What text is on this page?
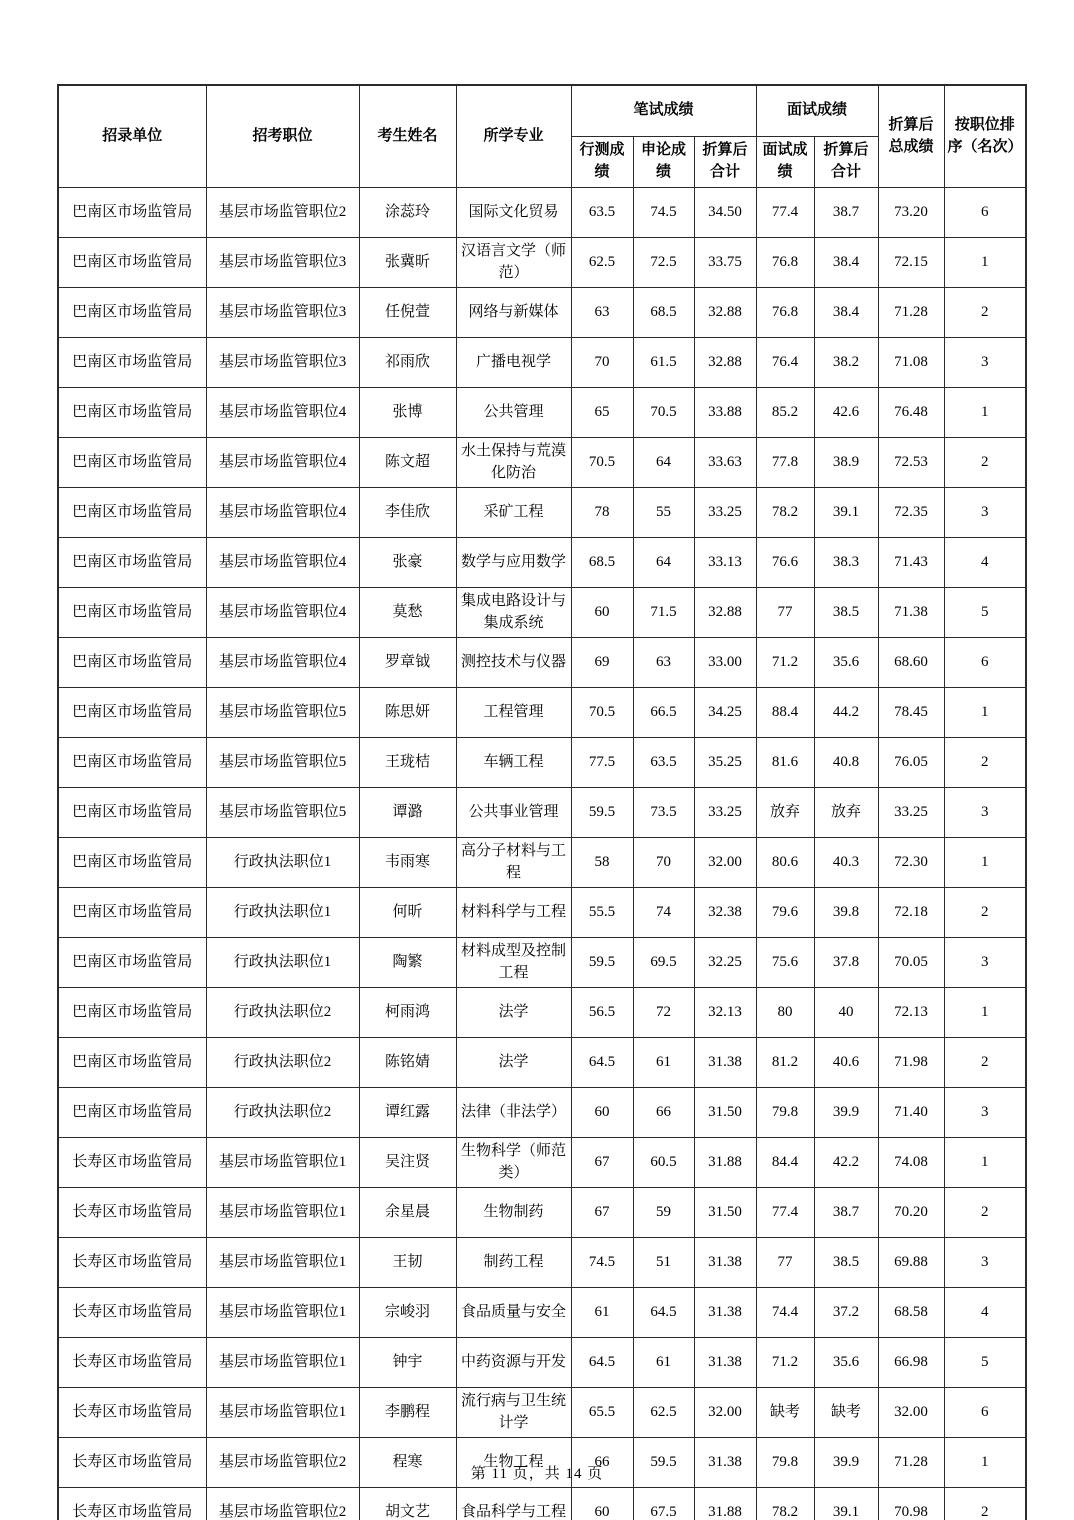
招录单位	招考职位	考生姓名	所学专业	笔试成绩			面试成绩		折算后总成绩	按职位排序（名次）
				行测成绩	申论成绩	折算后合计	面试成绩	折算后合计		
巴南区市场监管局	基层市场监管职位2	涂蕊玲	国际文化贸易	63.5	74.5	34.50	77.4	38.7	73.20	6
巴南区市场监管局	基层市场监管职位3	张冀昕	汉语言文学（师范）	62.5	72.5	33.75	76.8	38.4	72.15	1
巴南区市场监管局	基层市场监管职位3	任倪萱	网络与新媒体	63	68.5	32.88	76.8	38.4	71.28	2
巴南区市场监管局	基层市场监管职位3	祁雨欣	广播电视学	70	61.5	32.88	76.4	38.2	71.08	3
巴南区市场监管局	基层市场监管职位4	张博	公共管理	65	70.5	33.88	85.2	42.6	76.48	1
巴南区市场监管局	基层市场监管职位4	陈文超	水土保持与荒漠化防治	70.5	64	33.63	77.8	38.9	72.53	2
巴南区市场监管局	基层市场监管职位4	李佳欣	采矿工程	78	55	33.25	78.2	39.1	72.35	3
巴南区市场监管局	基层市场监管职位4	张豪	数学与应用数学	68.5	64	33.13	76.6	38.3	71.43	4
巴南区市场监管局	基层市场监管职位4	莫愁	集成电路设计与集成系统	60	71.5	32.88	77	38.5	71.38	5
巴南区市场监管局	基层市场监管职位4	罗章钺	测控技术与仪器	69	63	33.00	71.2	35.6	68.60	6
巴南区市场监管局	基层市场监管职位5	陈思妍	工程管理	70.5	66.5	34.25	88.4	44.2	78.45	1
巴南区市场监管局	基层市场监管职位5	王珑桔	车辆工程	77.5	63.5	35.25	81.6	40.8	76.05	2
巴南区市场监管局	基层市场监管职位5	谭潞	公共事业管理	59.5	73.5	33.25	放弃	放弃	33.25	3
巴南区市场监管局	行政执法职位1	韦雨寒	高分子材料与工程	58	70	32.00	80.6	40.3	72.30	1
巴南区市场监管局	行政执法职位1	何昕	材料科学与工程	55.5	74	32.38	79.6	39.8	72.18	2
巴南区市场监管局	行政执法职位1	陶繁	材料成型及控制工程	59.5	69.5	32.25	75.6	37.8	70.05	3
巴南区市场监管局	行政执法职位2	柯雨鸿	法学	56.5	72	32.13	80	40	72.13	1
巴南区市场监管局	行政执法职位2	陈铭婧	法学	64.5	61	31.38	81.2	40.6	71.98	2
巴南区市场监管局	行政执法职位2	谭红露	法律（非法学）	60	66	31.50	79.8	39.9	71.40	3
长寿区市场监管局	基层市场监管职位1	吴注贤	生物科学（师范类）	67	60.5	31.88	84.4	42.2	74.08	1
长寿区市场监管局	基层市场监管职位1	余星晨	生物制药	67	59	31.50	77.4	38.7	70.20	2
长寿区市场监管局	基层市场监管职位1	王韧	制药工程	74.5	51	31.38	77	38.5	69.88	3
长寿区市场监管局	基层市场监管职位1	宗峻羽	食品质量与安全	61	64.5	31.38	74.4	37.2	68.58	4
长寿区市场监管局	基层市场监管职位1	钟宇	中药资源与开发	64.5	61	31.38	71.2	35.6	66.98	5
长寿区市场监管局	基层市场监管职位1	李鹏程	流行病与卫生统计学	65.5	62.5	32.00	缺考	缺考	32.00	6
长寿区市场监管局	基层市场监管职位2	程寒	生物工程	66	59.5	31.38	79.8	39.9	71.28	1
长寿区市场监管局	基层市场监管职位2	胡文艺	食品科学与工程	60	67.5	31.88	78.2	39.1	70.98	2
第 11 页，共 14 页
